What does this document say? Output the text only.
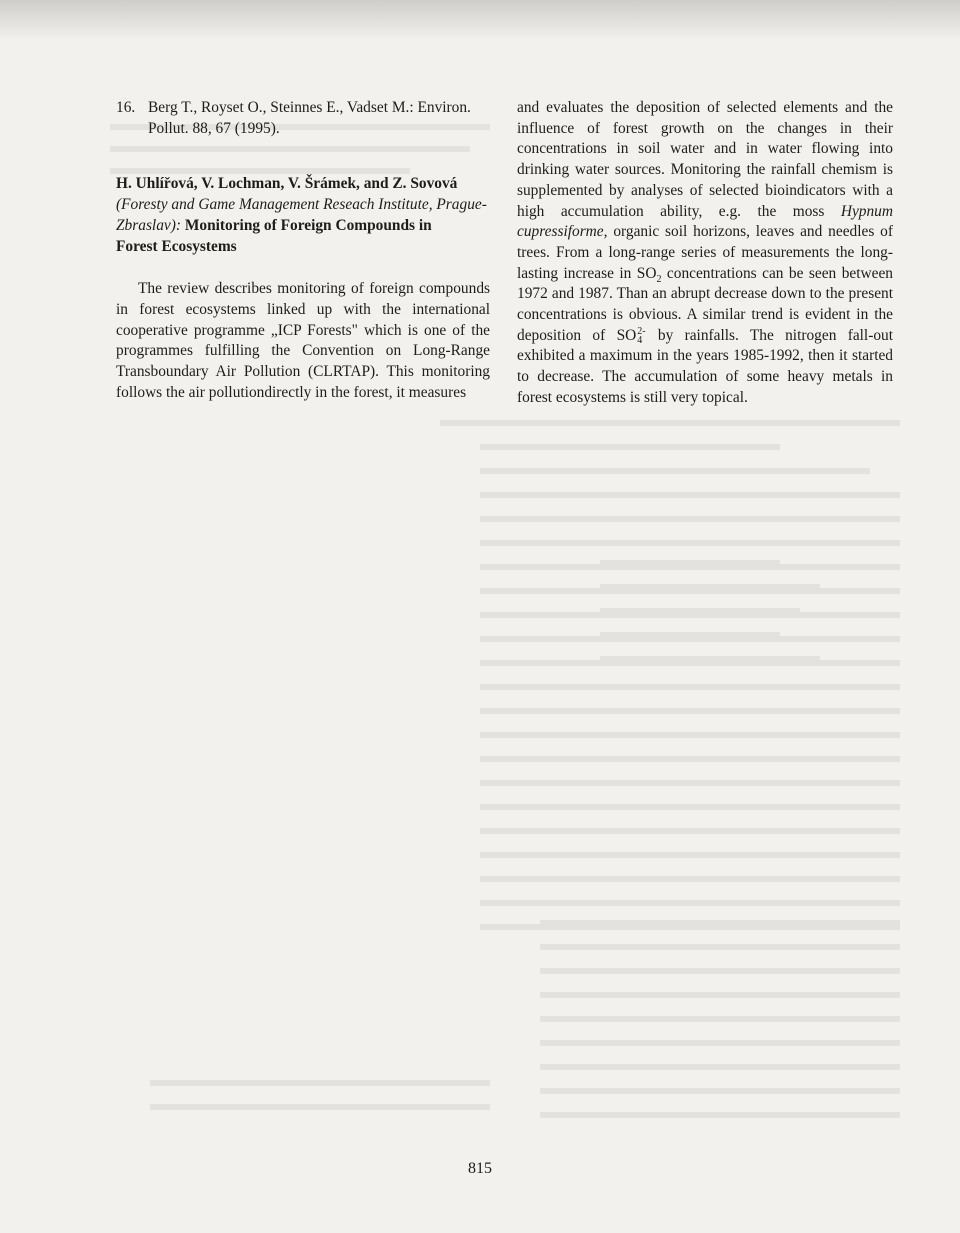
16. Berg T., Royset O., Steinnes E., Vadset M.: Environ.
Pollut. 88, 67 (1995).

H. Uhlířová, V. Lochman, V. Šrámek, and Z. Sovová
(Foresty and Game Management Reseach Institute, Prague-Zbraslav): Monitoring of Foreign Compounds in
Forest Ecosystems

The review describes monitoring of foreign compounds in forest ecosystems linked up with the international cooperative programme „ICP Forests" which is one of the programmes fulfilling the Convention on Long-Range Transboundary Air Pollution (CLRTAP). This monitoring follows the air pollutiondirectly in the forest, it measures

and evaluates the deposition of selected elements and the influence of forest growth on the changes in their concentrations in soil water and in water flowing into drinking water sources. Monitoring the rainfall chemism is supplemented by analyses of selected bioindicators with a high accumulation ability, e.g. the moss Hypnum cupressiforme, organic soil horizons, leaves and needles of trees. From a long-range series of measurements the long-lasting increase in $SO_2$ concentrations can be seen between 1972 and 1987. Than an abrupt decrease down to the present concentrations is obvious. A similar trend is evident in the deposition of SO 2-
4 by rainfalls. The nitrogen fall-out exhibited a maximum in the years 1985-1992, then it started to decrease. The accumulation of some heavy metals in forest ecosystems is still very topical.

815
